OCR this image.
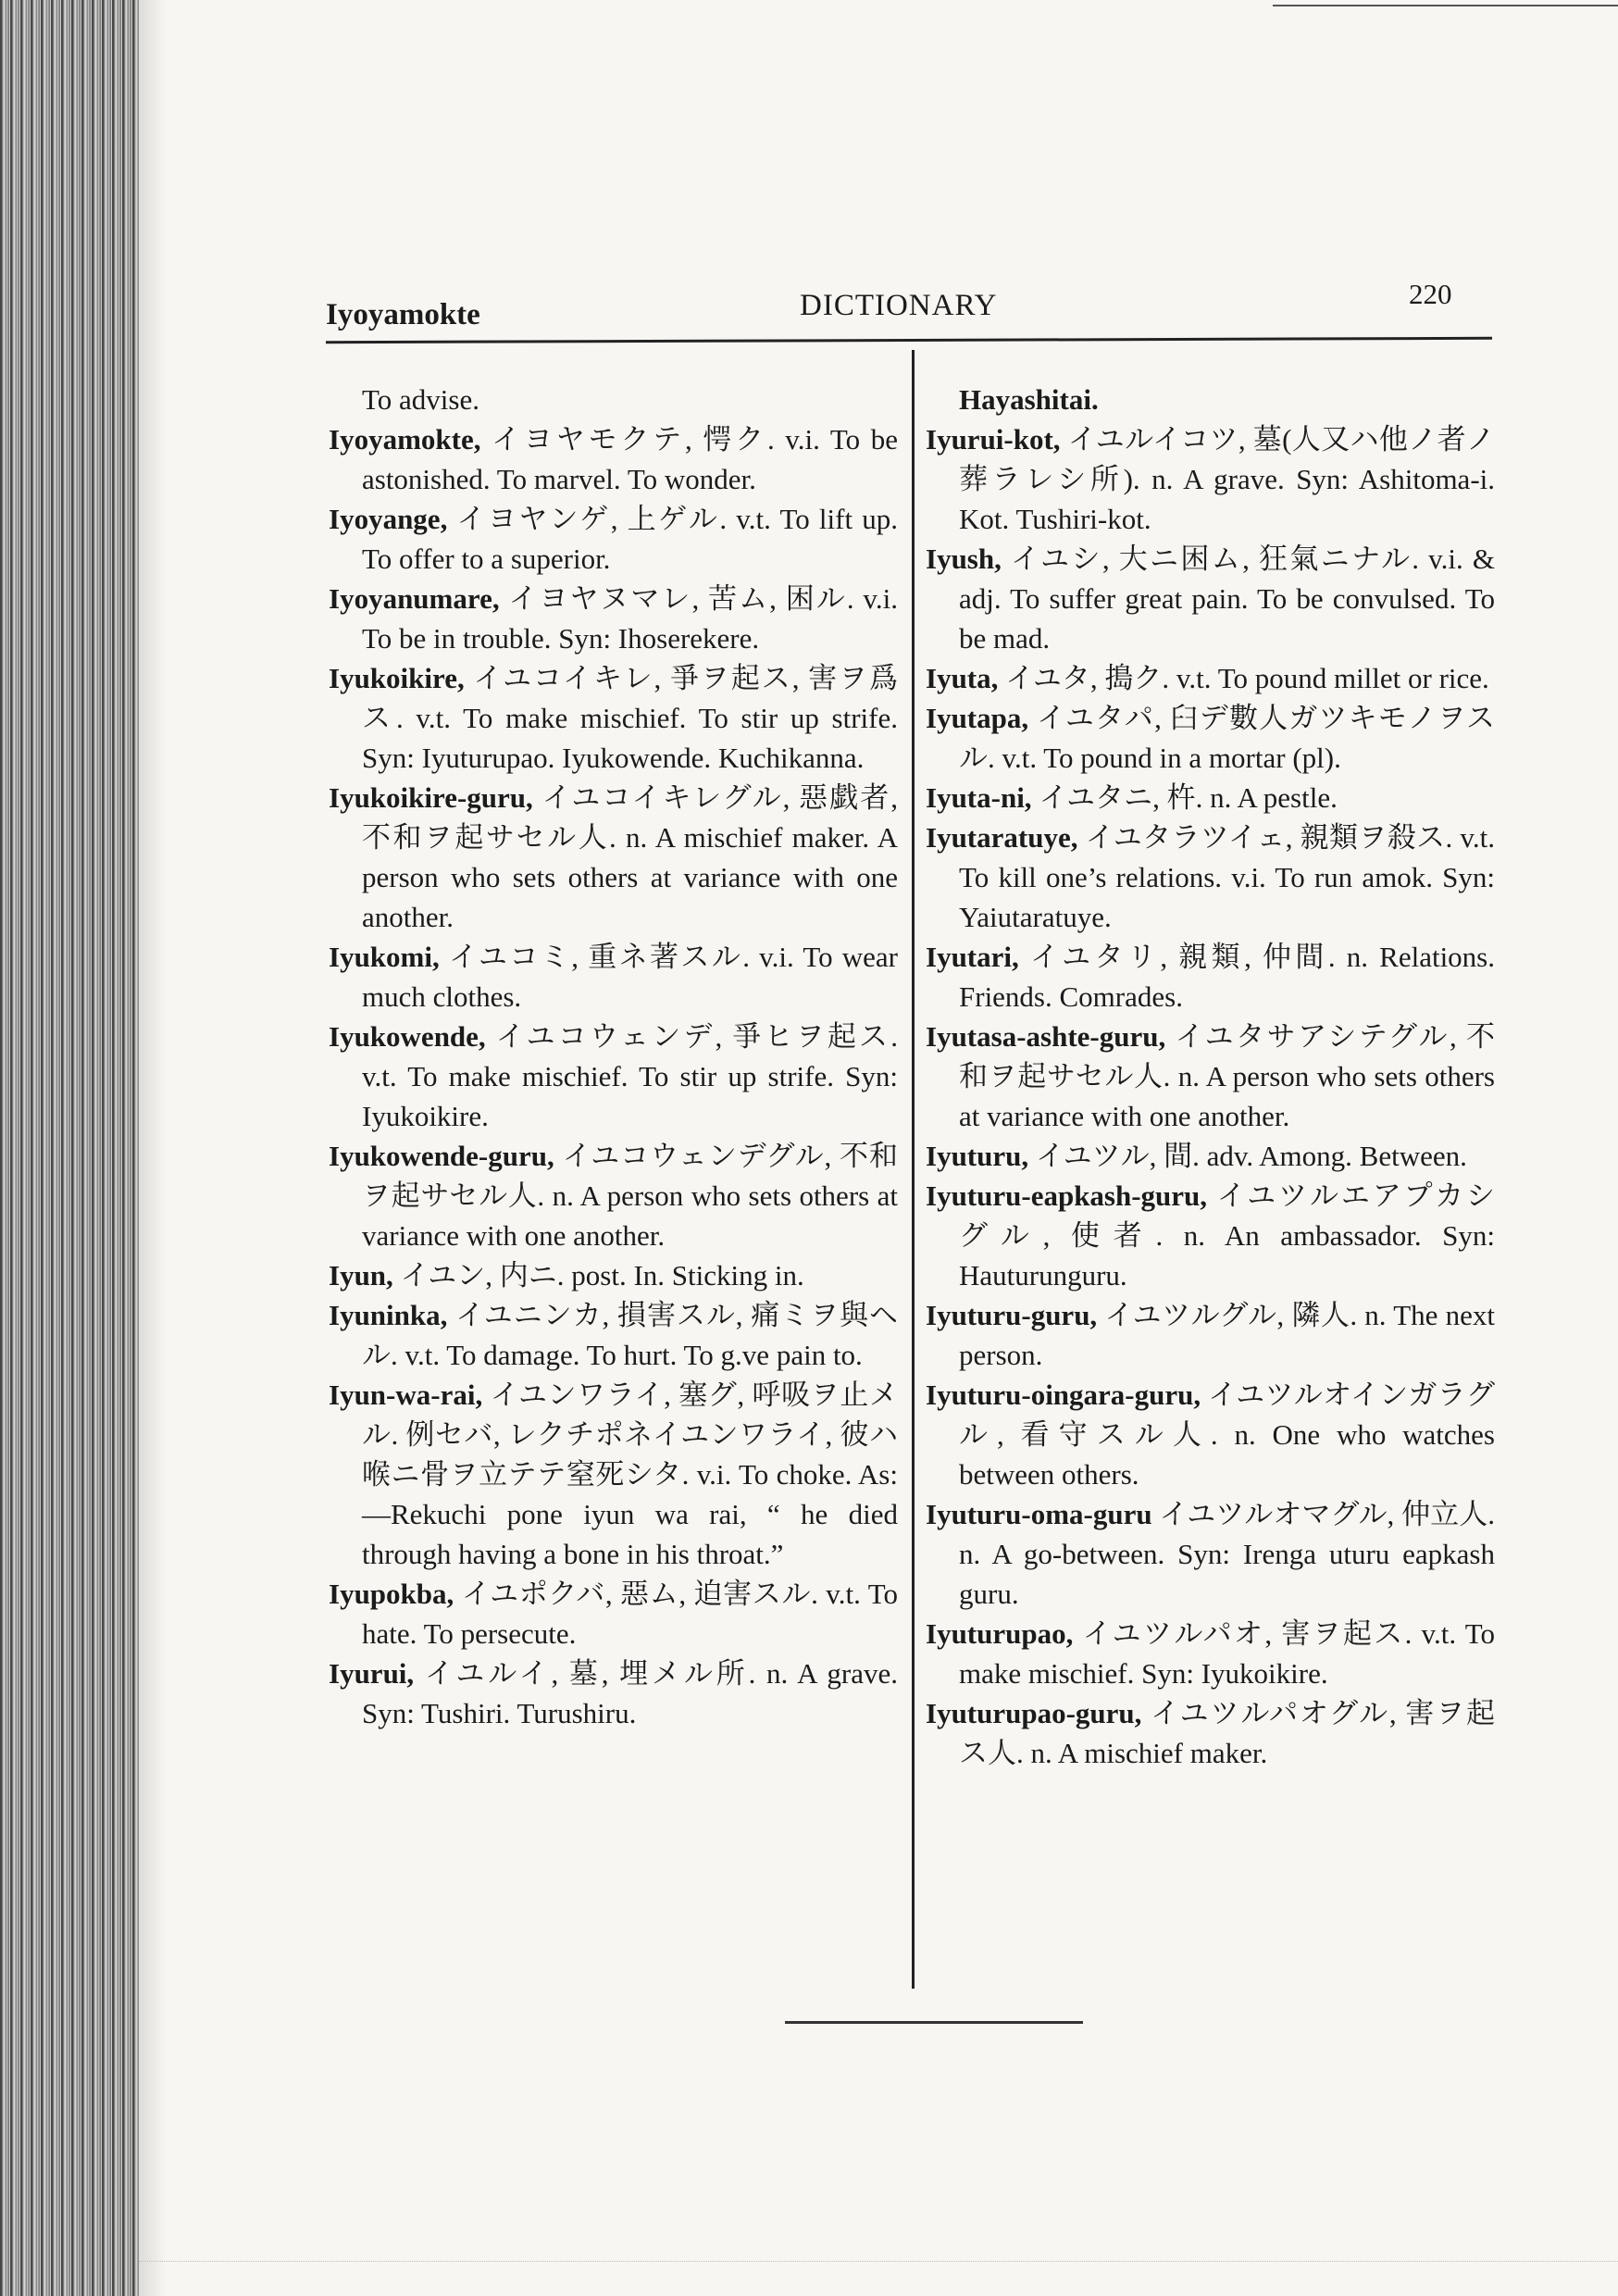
Iyoyamokte	DICTIONARY	220

To advise.

Iyoyamokte, イヨヤモクテ, 愕ク. v.i. To be astonished. To marvel. To wonder.

Iyoyange, イヨヤンゲ, 上ゲル. v.t. To lift up. To offer to a superior.

Iyoyanumare, イヨヤヌマレ, 苦ム, 困ル. v.i. To be in trouble. Syn: Ihoserekere.

Iyukoikire, イユコイキレ, 爭ヲ起ス, 害ヲ爲ス. v.t. To make mischief. To stir up strife. Syn: Iyuturupao. Iyukowende. Kuchikanna.

Iyukoikire-guru, イユコイキレグル, 惡戯者, 不和ヲ起サセル人. n. A mischief maker. A person who sets others at variance with one another.

Iyukomi, イユコミ, 重ネ著スル. v.i. To wear much clothes.

Iyukowende, イユコウェンデ, 爭ヒヲ起ス. v.t. To make mischief. To stir up strife. Syn: Iyukoikire.

Iyukowende-guru, イユコウェンデグル, 不和ヲ起サセル人. n. A person who sets others at variance with one another.

Iyun, イユン, 内ニ. post. In. Sticking in.

Iyuninka, イユニンカ, 損害スル, 痛ミヲ與ヘル. v.t. To damage. To hurt. To g.ve pain to.

Iyun-wa-rai, イユンワライ, 塞グ, 呼吸ヲ止メル. 例セバ, レクチポネイユンワライ, 彼ハ喉ニ骨ヲ立テテ窒死シタ. v.i. To choke. As:—Rekuchi pone iyun wa rai, “ he died through having a bone in his throat.”

Iyupokba, イユポクバ, 惡ム, 迫害スル. v.t. To hate. To persecute.

Iyurui, イユルイ, 墓, 埋メル所. n. A grave. Syn: Tushiri. Turushiru.

Hayashitai.

Iyurui-kot, イユルイコツ, 墓(人又ハ他ノ者ノ葬ラレシ所). n. A grave. Syn: Ashitoma-i. Kot. Tushiri-kot.

Iyush, イユシ, 大ニ困ム, 狂氣ニナル. v.i. & adj. To suffer great pain. To be convulsed. To be mad.

Iyuta, イユタ, 搗ク. v.t. To pound millet or rice.

Iyutapa, イユタパ, 臼デ數人ガツキモノヲスル. v.t. To pound in a mortar (pl).

Iyuta-ni, イユタニ, 杵. n. A pestle.

Iyutaratuye, イユタラツイェ, 親類ヲ殺ス. v.t. To kill one’s relations. v.i. To run amok. Syn: Yaiutaratuye.

Iyutari, イユタリ, 親類, 仲間. n. Relations. Friends. Comrades.

Iyutasa-ashte-guru, イユタサアシテグル, 不和ヲ起サセル人. n. A person who sets others at variance with one another.

Iyuturu, イユツル, 間. adv. Among. Between.

Iyuturu-eapkash-guru, イユツルエアプカシグル, 使者. n. An ambassador. Syn: Hauturunguru.

Iyuturu-guru, イユツルグル, 隣人. n. The next person.

Iyuturu-oingara-guru, イユツルオインガラグル, 看守スル人. n. One who watches between others.

Iyuturu-oma-guru イユツルオマグル, 仲立人. n. A go-between. Syn: Irenga uturu eapkash guru.

Iyuturupao, イユツルパオ, 害ヲ起ス. v.t. To make mischief. Syn: Iyukoikire.

Iyuturupao-guru, イユツルパオグル, 害ヲ起ス人. n. A mischief maker.
